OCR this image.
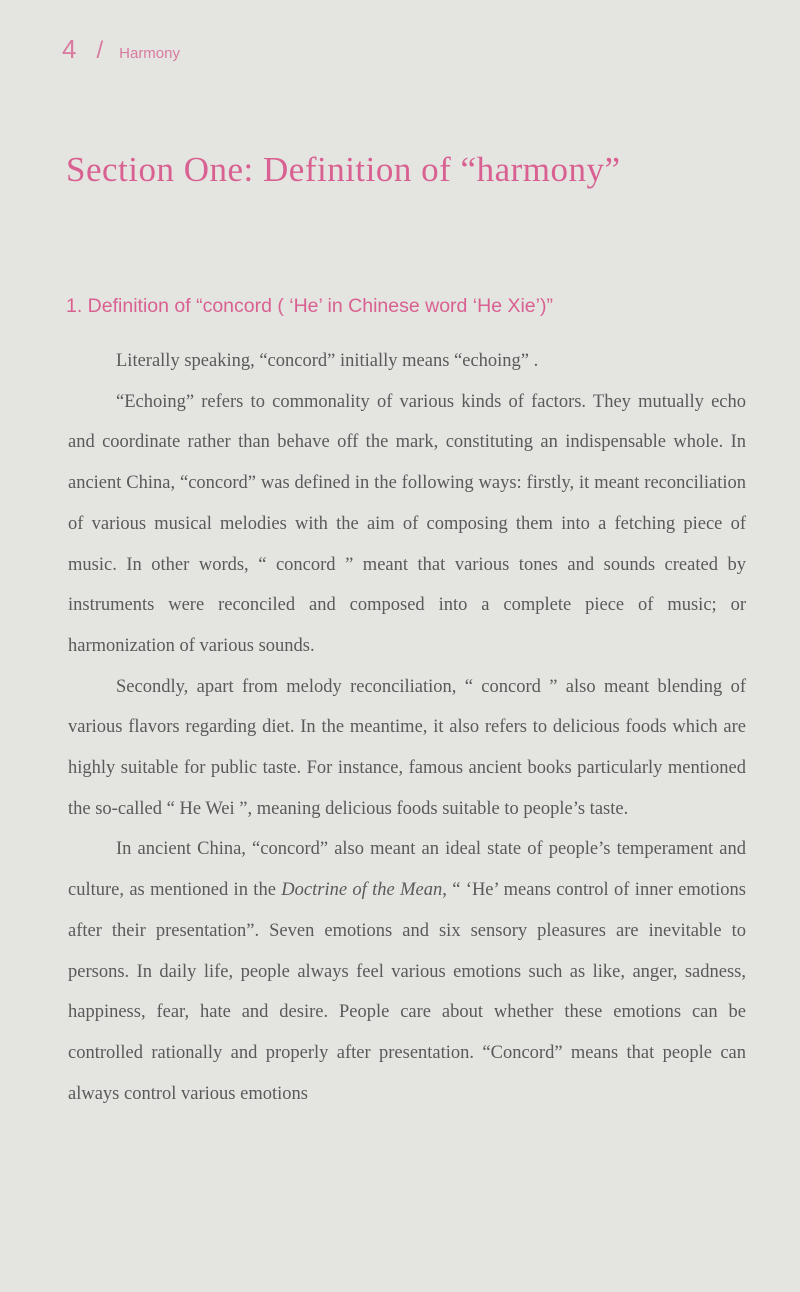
4 / Harmony
Section One: Definition of “harmony”
1. Definition of “concord ( ‘He’ in Chinese word ‘He Xie’)”

Literally speaking, “concord” initially means “echoing” .

“Echoing” refers to commonality of various kinds of factors. They mutually echo and coordinate rather than behave off the mark, constituting an indispensable whole. In ancient China, “concord” was defined in the following ways: firstly, it meant reconciliation of various musical melodies with the aim of composing them into a fetching piece of music. In other words, “ concord ” meant that various tones and sounds created by instruments were reconciled and composed into a complete piece of music; or harmonization of various sounds.

Secondly, apart from melody reconciliation, “ concord ” also meant blending of various flavors regarding diet. In the meantime, it also refers to delicious foods which are highly suitable for public taste. For instance, famous ancient books particularly mentioned the so-called “ He Wei ”, meaning delicious foods suitable to people’s taste.

In ancient China, “concord” also meant an ideal state of people’s temperament and culture, as mentioned in the Doctrine of the Mean, “ ‘He’ means control of inner emotions after their presentation”. Seven emotions and six sensory pleasures are inevitable to persons. In daily life, people always feel various emotions such as like, anger, sadness, happiness, fear, hate and desire. People care about whether these emotions can be controlled rationally and properly after presentation. “Concord” means that people can always control various emotions
